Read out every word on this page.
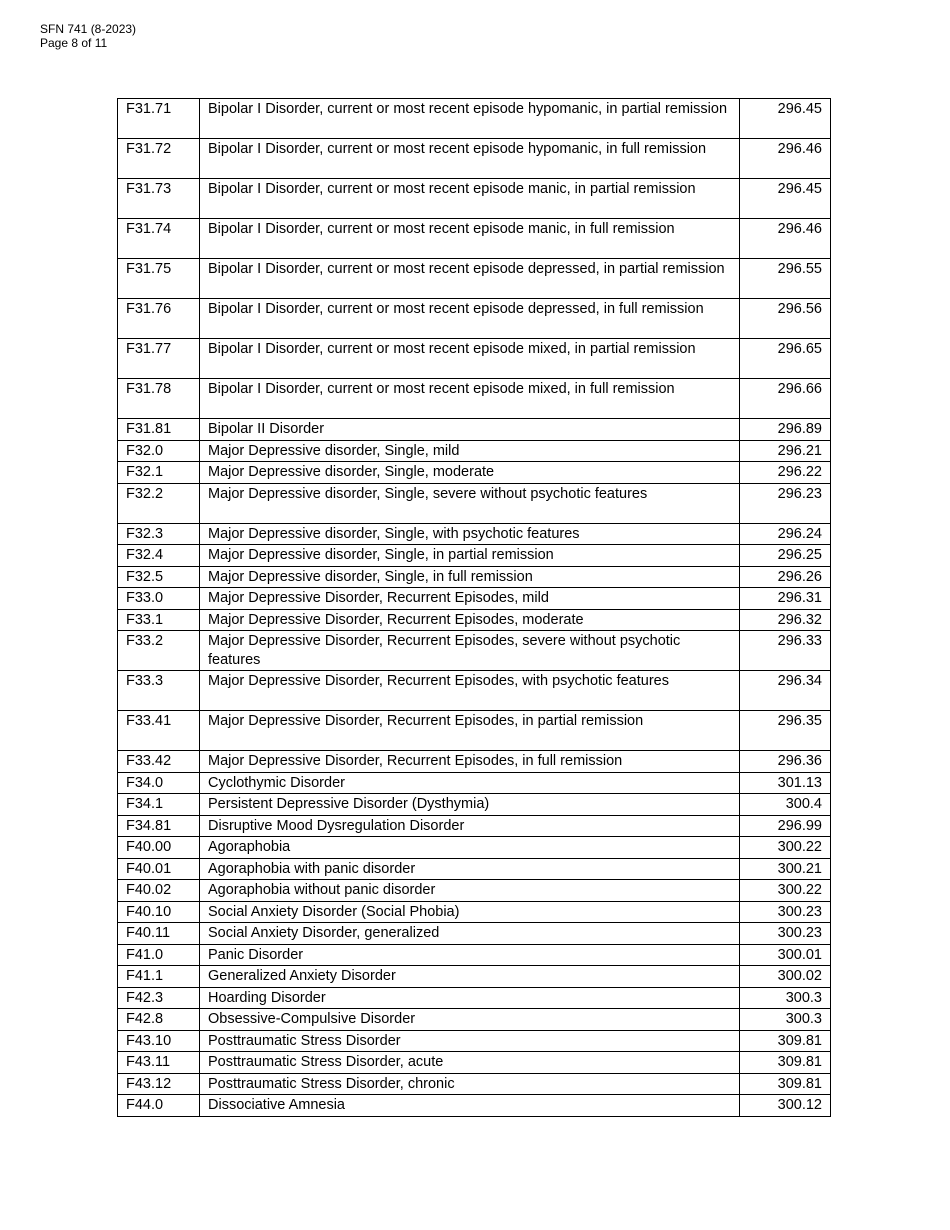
SFN 741 (8-2023)
Page 8 of 11
F31.71	Bipolar I Disorder, current or most recent episode hypomanic, in partial remission	296.45
F31.72	Bipolar I Disorder, current or most recent episode hypomanic, in full remission	296.46
F31.73	Bipolar I Disorder, current or most recent episode manic, in partial remission	296.45
F31.74	Bipolar I Disorder, current or most recent episode manic, in full remission	296.46
F31.75	Bipolar I Disorder, current or most recent episode depressed, in partial remission	296.55
F31.76	Bipolar I Disorder, current or most recent episode depressed, in full remission	296.56
F31.77	Bipolar I Disorder, current or most recent episode mixed, in partial remission	296.65
F31.78	Bipolar I Disorder, current or most recent episode mixed, in full remission	296.66
F31.81	Bipolar II Disorder	296.89
F32.0	Major Depressive disorder, Single, mild	296.21
F32.1	Major Depressive disorder, Single, moderate	296.22
F32.2	Major Depressive disorder, Single, severe without psychotic features	296.23
F32.3	Major Depressive disorder, Single, with psychotic features	296.24
F32.4	Major Depressive disorder, Single, in partial remission	296.25
F32.5	Major Depressive disorder, Single, in full remission	296.26
F33.0	Major Depressive Disorder, Recurrent Episodes, mild	296.31
F33.1	Major Depressive Disorder, Recurrent Episodes, moderate	296.32
F33.2	Major Depressive Disorder, Recurrent Episodes, severe without psychotic features	296.33
F33.3	Major Depressive Disorder, Recurrent Episodes, with psychotic features	296.34
F33.41	Major Depressive Disorder, Recurrent Episodes, in partial remission	296.35
F33.42	Major Depressive Disorder, Recurrent Episodes, in full remission	296.36
F34.0	Cyclothymic Disorder	301.13
F34.1	Persistent Depressive Disorder (Dysthymia)	300.4
F34.81	Disruptive Mood Dysregulation Disorder	296.99
F40.00	Agoraphobia	300.22
F40.01	Agoraphobia with panic disorder	300.21
F40.02	Agoraphobia without panic disorder	300.22
F40.10	Social Anxiety Disorder (Social Phobia)	300.23
F40.11	Social Anxiety Disorder, generalized	300.23
F41.0	Panic Disorder	300.01
F41.1	Generalized Anxiety Disorder	300.02
F42.3	Hoarding Disorder	300.3
F42.8	Obsessive-Compulsive Disorder	300.3
F43.10	Posttraumatic Stress Disorder	309.81
F43.11	Posttraumatic Stress Disorder, acute	309.81
F43.12	Posttraumatic Stress Disorder, chronic	309.81
F44.0	Dissociative Amnesia	300.12
